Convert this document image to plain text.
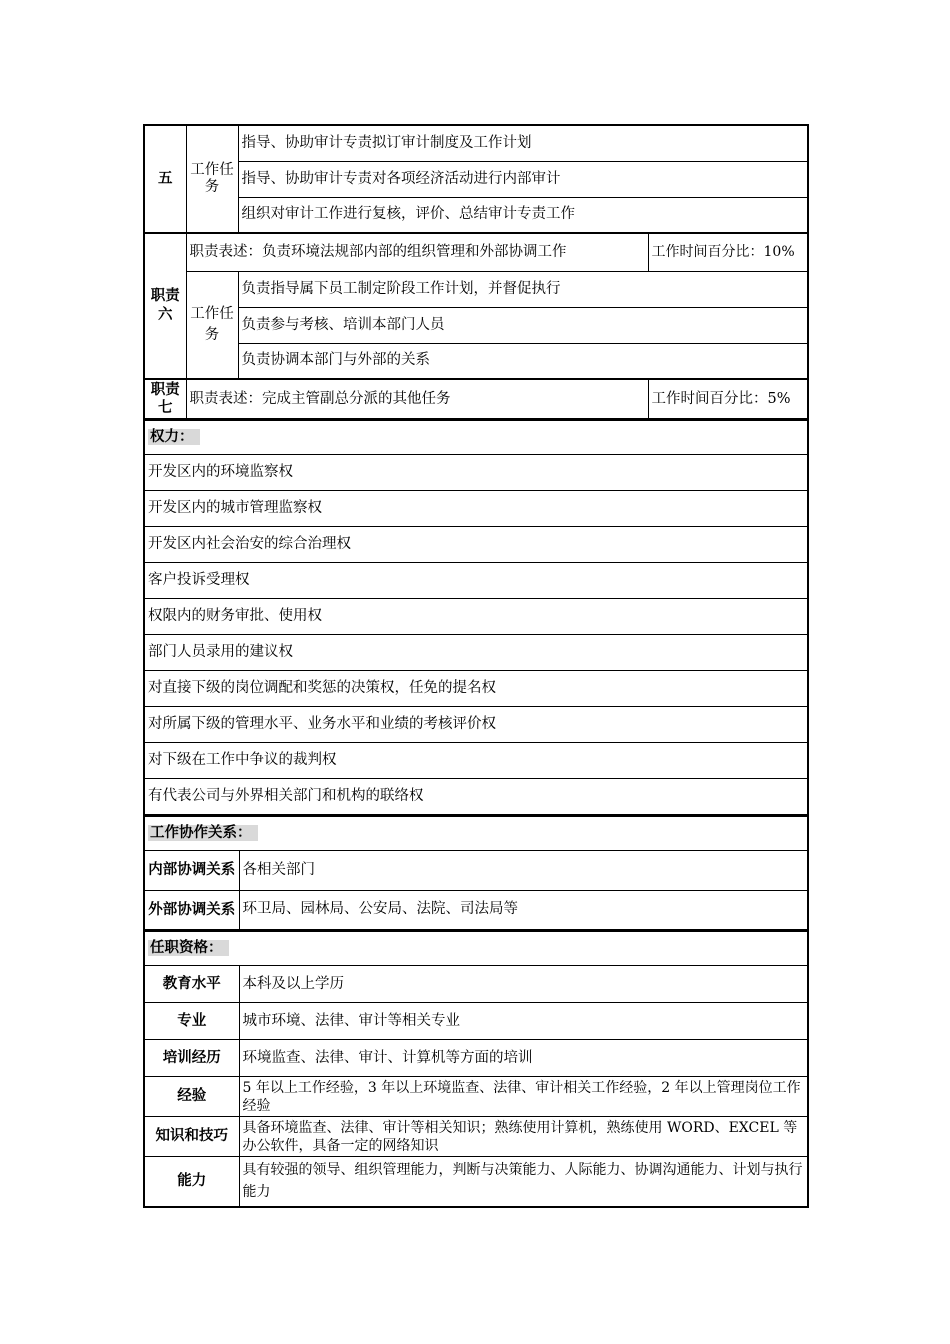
五	工作任务	指导、协助审计专责拟订审计制度及工作计划	
		指导、协助审计专责对各项经济活动进行内部审计	
		组织对审计工作进行复核，评价、总结审计专责工作	
职责六	职责表述：负责环境法规部内部的组织管理和外部协调工作		工作时间百分比：10%
	工作任务	负责指导属下员工制定阶段工作计划，并督促执行	
		负责参与考核、培训本部门人员	
		负责协调本部门与外部的关系	
职责七	职责表述：完成主管副总分派的其他任务		工作时间百分比：5%
权力：
开发区内的环境监察权
开发区内的城市管理监察权
开发区内社会治安的综合治理权
客户投诉受理权
权限内的财务审批、使用权
部门人员录用的建议权
对直接下级的岗位调配和奖惩的决策权，任免的提名权
对所属下级的管理水平、业务水平和业绩的考核评价权
对下级在工作中争议的裁判权
有代表公司与外界相关部门和机构的联络权
工作协作关系：	
内部协调关系	各相关部门
外部协调关系	环卫局、园林局、公安局、法院、司法局等
任职资格：	
教育水平	本科及以上学历
专业	城市环境、法律、审计等相关专业
培训经历	环境监查、法律、审计、计算机等方面的培训
经验	5 年以上工作经验，3 年以上环境监查、法律、审计相关工作经验，2 年以上管理岗位工作经验
知识和技巧	具备环境监查、法律、审计等相关知识；熟练使用计算机，熟练使用 WORD、EXCEL 等办公软件，具备一定的网络知识
能力	具有较强的领导、组织管理能力，判断与决策能力、人际能力、协调沟通能力、计划与执行能力
